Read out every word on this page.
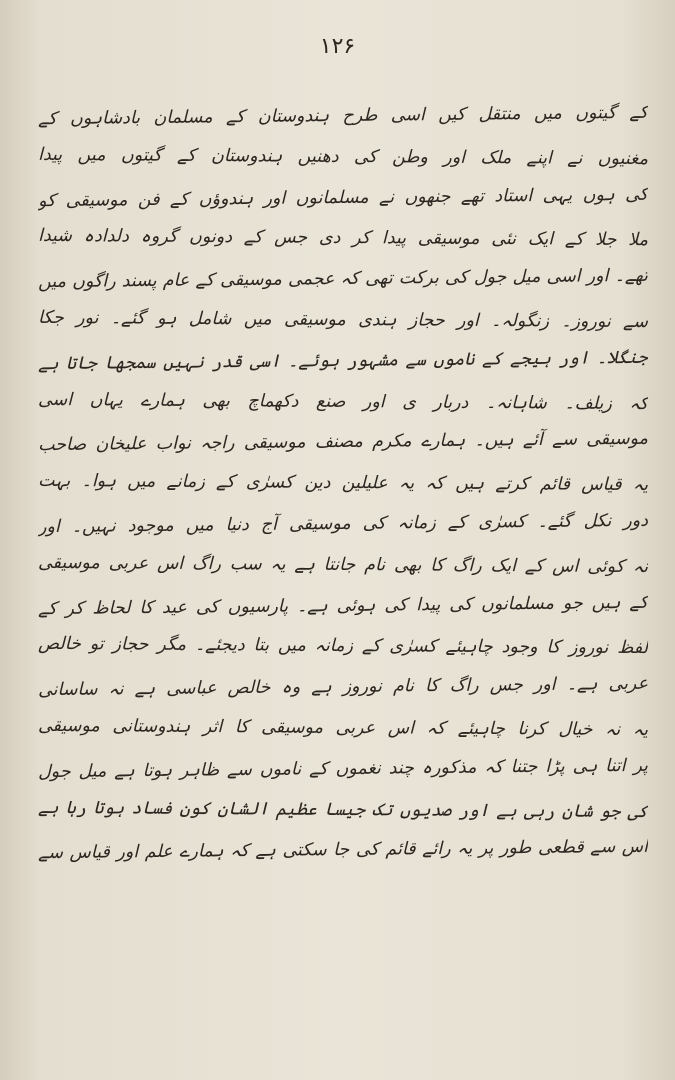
۱۲۶
کے گیتوں میں منتقل کیں اسی طرح ہندوستان کے مسلمان بادشاہوں کے
مغنیوں نے اپنے ملک اور وطن کی دھنیں ہندوستان کے گیتوں میں پیدا
کی ہوں یہی استاد تھے جنھوں نے مسلمانوں اور ہندوؤں کے فن موسیقی کو
ملا جلا کے ایک نئی موسیقی پیدا کر دی جس کے دونوں گروہ دلدادہ شیدا
تھے۔ اور اسی میل جول کی برکت تھی کہ عجمی موسیقی کے عام پسند راگوں میں
سے نوروز۔ زنگولہ۔ اور حجاز ہندی موسیقی میں شامل ہو گئے۔ نور جکا
جنگلا۔ اور ہیجے کے ناموں سے مشہور ہوئے۔ اسی قدر نہیں سمجھا جاتا ہے
کہ زیلف۔ شاہانہ۔ دربار ی اور صنع دکھماچ بھی ہمارے یہاں اسی
موسیقی سے آئے ہیں۔ ہمارے مکرم مصنف موسیقی راجہ نواب علیخان صاحب
یہ قیاس قائم کرتے ہیں کہ یہ علیلین دین کسرٰی کے زمانے میں ہوا۔ بہت
دور نکل گئے۔ کسرٰی کے زمانہ کی موسیقی آج دنیا میں موجود نہیں۔ اور
نہ کوئی اس کے ایک راگ کا بھی نام جانتا ہے یہ سب راگ اس عربی موسیقی
کے ہیں جو مسلمانوں کی پیدا کی ہوئی ہے۔ پارسیوں کی عید کا لحاظ کر کے
لفظ نوروز کا وجود چاہیئے کسرٰی کے زمانہ میں بتا دیجئے۔ مگر حجاز تو خالص
عربی ہے۔ اور جس راگ کا نام نوروز ہے وہ خالص عباسی ہے نہ ساسانی
یہ نہ خیال کرنا چاہیئے کہ اس عربی موسیقی کا اثر ہندوستانی موسیقی
پر اتنا ہی پڑا جتنا کہ مذکورہ چند نغموں کے ناموں سے ظاہر ہوتا ہے میل جول
کی جو شان رہی ہے اور صدیوں تک جیسا عظیم الشان کون فساد ہوتا رہا ہے
اس سے قطعی طور پر یہ رائے قائم کی جا سکتی ہے کہ ہمارے علم اور قیاس سے
